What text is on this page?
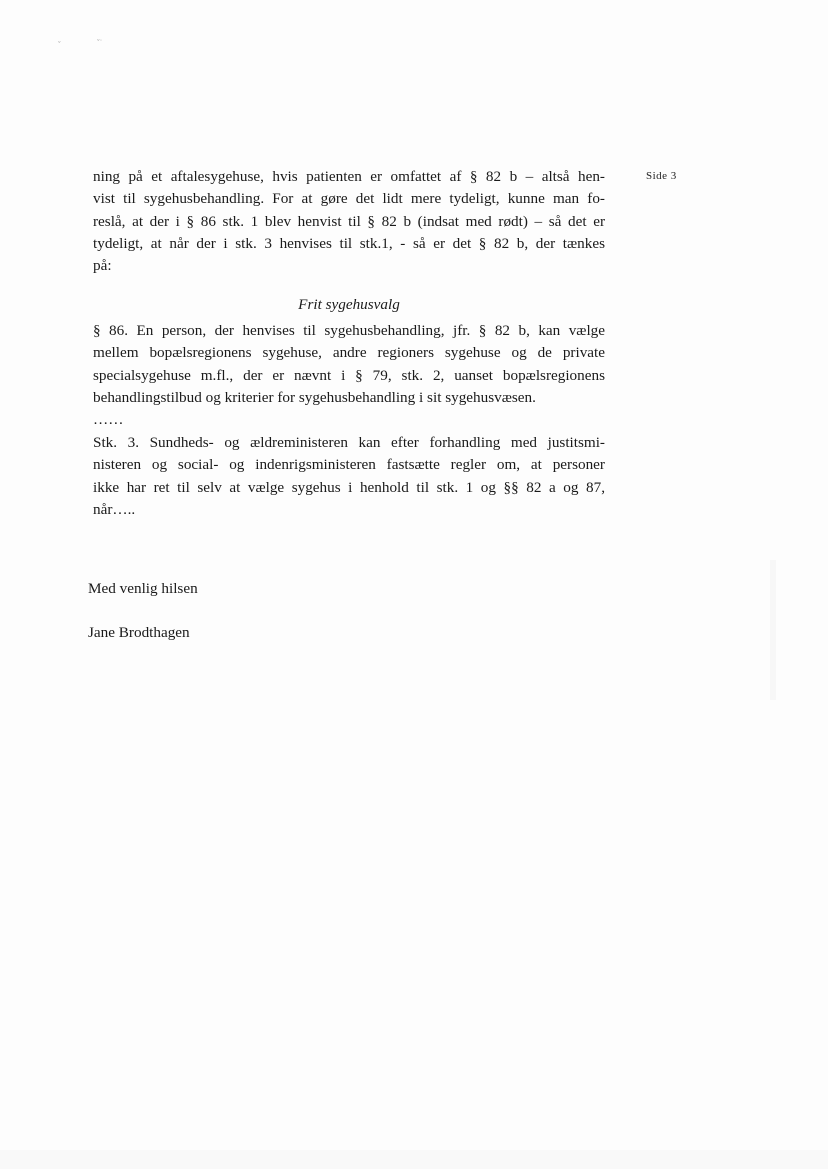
ˇ	ˇ˙
Side 3
ning på et aftalesygehuse, hvis patienten er omfattet af § 82 b – altså hen-
vist til sygehusbehandling. For at gøre det lidt mere tydeligt, kunne man fo-
reslå, at der i § 86 stk. 1 blev henvist til § 82 b (indsat med rødt) – så det er
tydeligt, at når der i stk. 3 henvises til stk.1, - så er det § 82 b, der tænkes
på:
Frit sygehusvalg
§ 86. En person, der henvises til sygehusbehandling, jfr. § 82 b, kan vælge
mellem bopælsregionens sygehuse, andre regioners sygehuse og de private
specialsygehuse m.fl., der er nævnt i § 79, stk. 2, uanset bopælsregionens
behandlingstilbud og kriterier for sygehusbehandling i sit sygehusvæsen.
……
Stk. 3. Sundheds- og ældreministeren kan efter forhandling med justitsmi-
nisteren og social- og indenrigsministeren fastsætte regler om, at personer
ikke har ret til selv at vælge sygehus i henhold til stk. 1 og §§ 82 a og 87,
når…..
Med venlig hilsen
Jane Brodthagen
